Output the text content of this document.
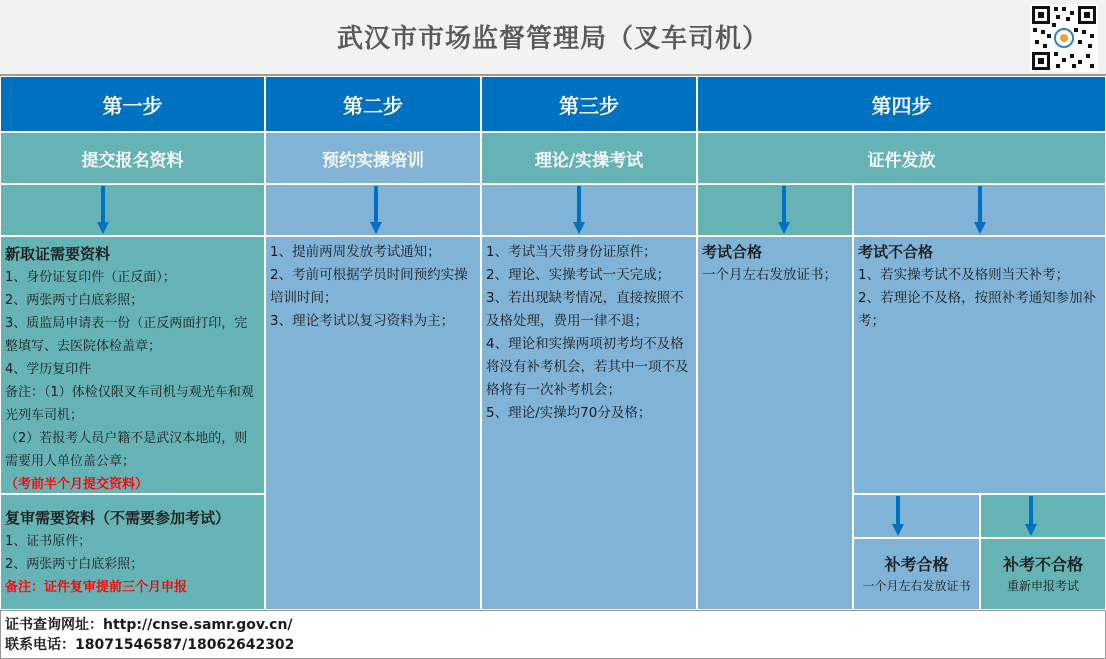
武汉市市场监督管理局（叉车司机）
第一步	第二步	第三步	第四步
提交报名资料	预约实操培训	理论/实操考试	证件发放

新取证需要资料

1、身份证复印件（正反面）；

2、两张两寸白底彩照；

3、质监局申请表一份（正反两面打印，完整填写、去医院体检盖章；

4、学历复印件

备注：（1）体检仅限叉车司机与观光车和观光列车司机；

（2）若报考人员户籍不是武汉本地的，则需要用人单位盖公章；

（考前半个月提交资料）

复审需要资料（不需要参加考试）

1、证书原件；

2、两张两寸白底彩照；

备注：证件复审提前三个月申报

1、提前两周发放考试通知；

2、考前可根据学员时间预约实操培训时间；

3、理论考试以复习资料为主；

1、考试当天带身份证原件；

2、理论、实操考试一天完成；

3、若出现缺考情况，直接按照不及格处理，费用一律不退；

4、理论和实操两项初考均不及格将没有补考机会，若其中一项不及格将有一次补考机会；

5、理论/实操均70分及格；

考试合格

一个月左右发放证书；

考试不合格

1、若实操考试不及格则当天补考；

2、若理论不及格，按照补考通知参加补考；

补考合格
一个月左右发放证书
补考不合格
重新申报考试

证书查询网址：http://cnse.samr.gov.cn/

联系电话：18071546587/18062642302
